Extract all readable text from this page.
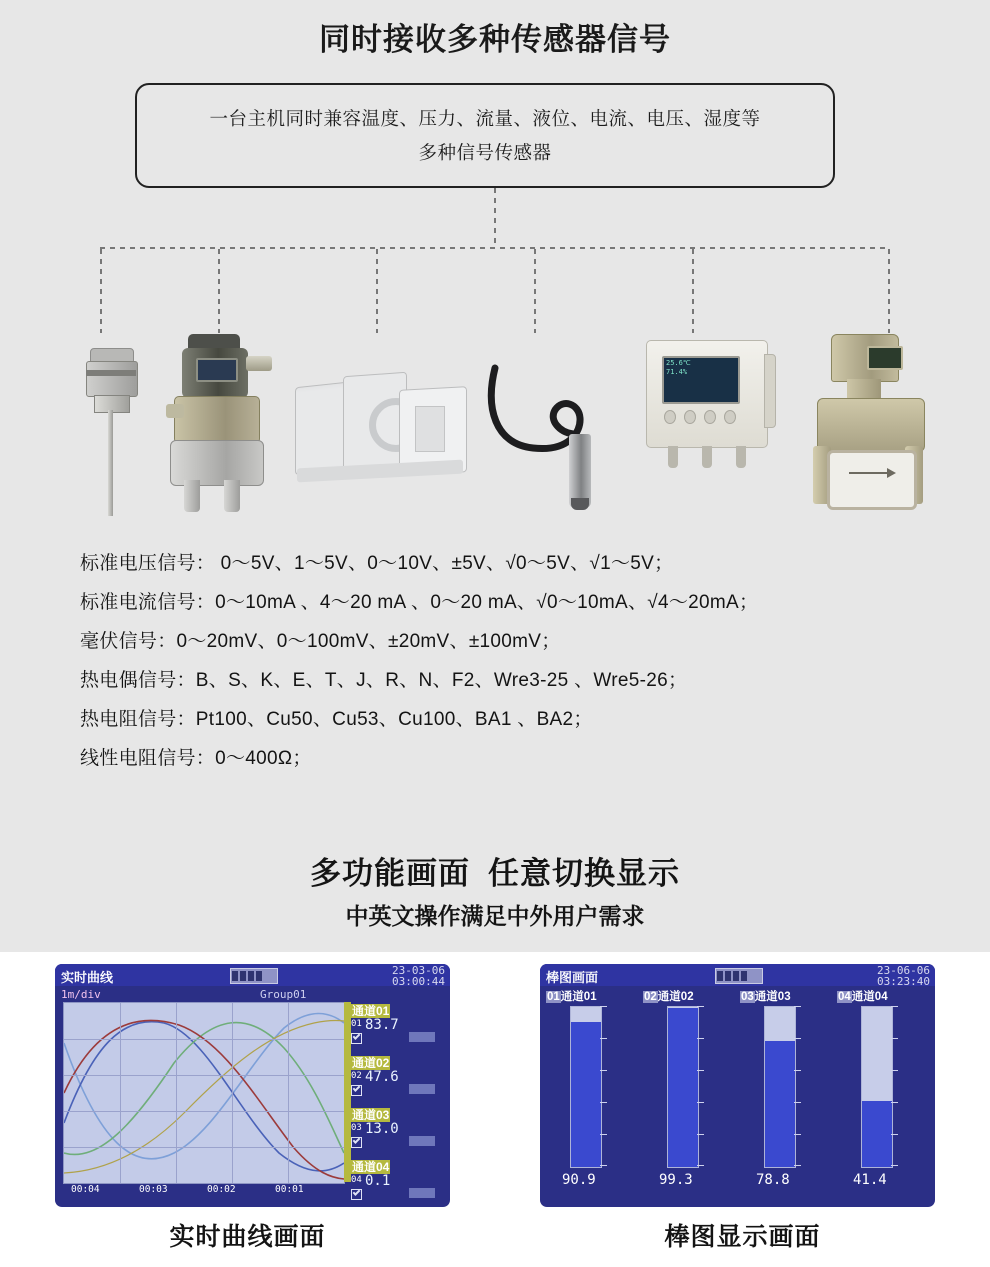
同时接收多种传感器信号
一台主机同时兼容温度、压力、流量、液位、电流、电压、湿度等
多种信号传感器
25.6℃
71.4%

标准电压信号： 0～5V、1～5V、0～10V、±5V、√0～5V、√1～5V；

标准电流信号：0～10mA 、4～20 mA 、0～20 mA、√0～10mA、√4～20mA；

毫伏信号：0～20mV、0～100mV、±20mV、±100mV；

热电偶信号：B、S、K、E、T、J、R、N、F2、Wre3-25 、Wre5-26；

热电阻信号：Pt100、Cu50、Cu53、Cu100、BA1 、BA2；

线性电阻信号：0～400Ω；

多功能画面 任意切换显示
中英文操作满足中外用户需求
实时曲线	23-03-06
03:00:44
1m/div	Group01
00:04	00:03	00:02	00:01
通道01
01 83.7
通道02
02 47.6
通道03
03 13.0
通道04
04 0.1
实时曲线画面
棒图画面	23-06-06
03:23:40
01通道01
90.9
02通道02
99.3
03通道03
78.8
04通道04
41.4
棒图显示画面
